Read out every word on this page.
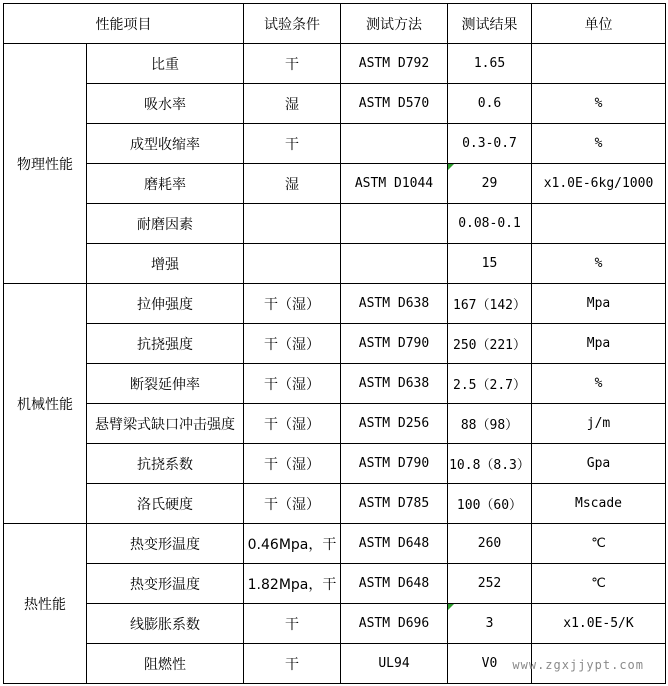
性能项目		试验条件	测试方法	测试结果	单位
物理性能	比重	干	ASTM D792	1.65	
	吸水率	湿	ASTM D570	0.6	%
	成型收缩率	干		0.3-0.7	%
	磨耗率	湿	ASTM D1044	29	x1.0E-6kg/1000
	耐磨因素			0.08-0.1	
	增强			15	%
机械性能	拉伸强度	干（湿）	ASTM D638	167（142）	Mpa
	抗挠强度	干（湿）	ASTM D790	250（221）	Mpa
	断裂延伸率	干（湿）	ASTM D638	2.5（2.7）	%
	悬臂梁式缺口冲击强度	干（湿）	ASTM D256	88（98）	j/m
	抗挠系数	干（湿）	ASTM D790	10.8（8.3）	Gpa
	洛氏硬度	干（湿）	ASTM D785	100（60）	Mscade
热性能	热变形温度	0.46Mpa，干	ASTM D648	260	℃
	热变形温度	1.82Mpa，干	ASTM D648	252	℃
	线膨胀系数	干	ASTM D696	3	x1.0E-5/K
	阻燃性	干	UL94	V0	www.zgxjjypt.com
